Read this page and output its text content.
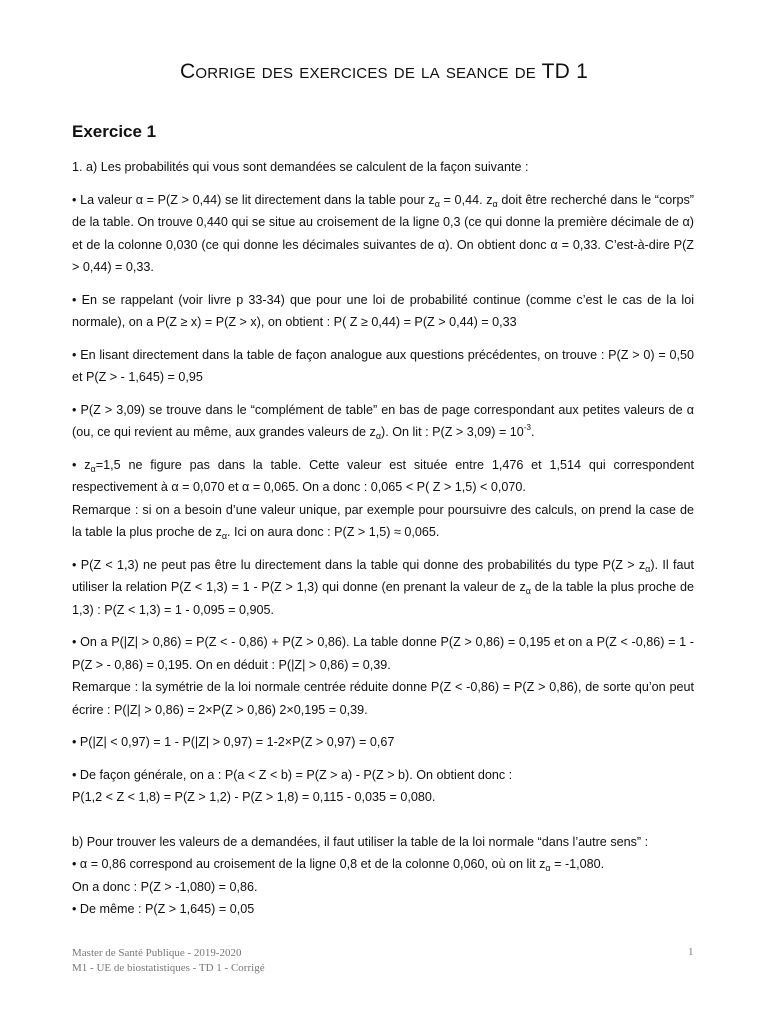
Corrige des exercices de la seance de TD 1
Exercice 1

1. a) Les probabilités qui vous sont demandées se calculent de la façon suivante :

• La valeur α = P(Z > 0,44) se lit directement dans la table pour $z_\alpha = 0,44$. $z_\alpha$ doit être recherché dans le “corps” de la table. On trouve 0,440 qui se situe au croisement de la ligne 0,3 (ce qui donne la première décimale de α) et de la colonne 0,030 (ce qui donne les décimales suivantes de α). On obtient donc α = 0,33. C’est-à-dire P(Z > 0,44) = 0,33.

• En se rappelant (voir livre p 33-34) que pour une loi de probabilité continue (comme c’est le cas de la loi normale), on a P(Z ≥ x) = P(Z > x), on obtient : P( Z ≥ 0,44) = P(Z > 0,44) = 0,33

• En lisant directement dans la table de façon analogue aux questions précédentes, on trouve : P(Z > 0) = 0,50 et P(Z > - 1,645) = 0,95

• P(Z > 3,09) se trouve dans le “complément de table” en bas de page correspondant aux petites valeurs de α (ou, ce qui revient au même, aux grandes valeurs de $z_\alpha$). On lit : $P(Z > 3,09) = 10^{-3}$.

• $z_\alpha=1,5$ ne figure pas dans la table. Cette valeur est située entre 1,476 et 1,514 qui correspondent respectivement à α = 0,070 et α = 0,065. On a donc : 0,065 < P( Z > 1,5) < 0,070.

Remarque : si on a besoin d’une valeur unique, par exemple pour poursuivre des calculs, on prend la case de la table la plus proche de $z_\alpha$. Ici on aura donc : P(Z > 1,5) ≈ 0,065.

• P(Z < 1,3) ne peut pas être lu directement dans la table qui donne des probabilités du type $P(Z > z_\alpha)$. Il faut utiliser la relation P(Z < 1,3) = 1 - P(Z > 1,3) qui donne (en prenant la valeur de $z_\alpha$ de la table la plus proche de 1,3) : P(Z < 1,3) = 1 - 0,095 = 0,905.

• On a P(|Z| > 0,86) = P(Z < - 0,86) + P(Z > 0,86). La table donne P(Z > 0,86) = 0,195 et on a P(Z < -0,86) = 1 - P(Z > - 0,86) = 0,195. On en déduit : P(|Z| > 0,86) = 0,39.

Remarque : la symétrie de la loi normale centrée réduite donne P(Z < -0,86) = P(Z > 0,86), de sorte qu’on peut écrire : P(|Z| > 0,86) = 2×P(Z > 0,86) 2×0,195 = 0,39.

• P(|Z| < 0,97) = 1 - P(|Z| > 0,97) = 1-2×P(Z > 0,97) = 0,67

• De façon générale, on a : P(a < Z < b) = P(Z > a) - P(Z > b). On obtient donc :

P(1,2 < Z < 1,8) = P(Z > 1,2) - P(Z > 1,8) = 0,115 - 0,035 = 0,080.

b) Pour trouver les valeurs de a demandées, il faut utiliser la table de la loi normale “dans l’autre sens” :

• α = 0,86 correspond au croisement de la ligne 0,8 et de la colonne 0,060, où on lit $z_\alpha = -1,080$.

On a donc : P(Z > -1,080) = 0,86.

• De même : P(Z > 1,645) = 0,05

Master de Santé Publique - 2019-2020
M1 - UE de biostatistiques - TD 1 - Corrigé
1
